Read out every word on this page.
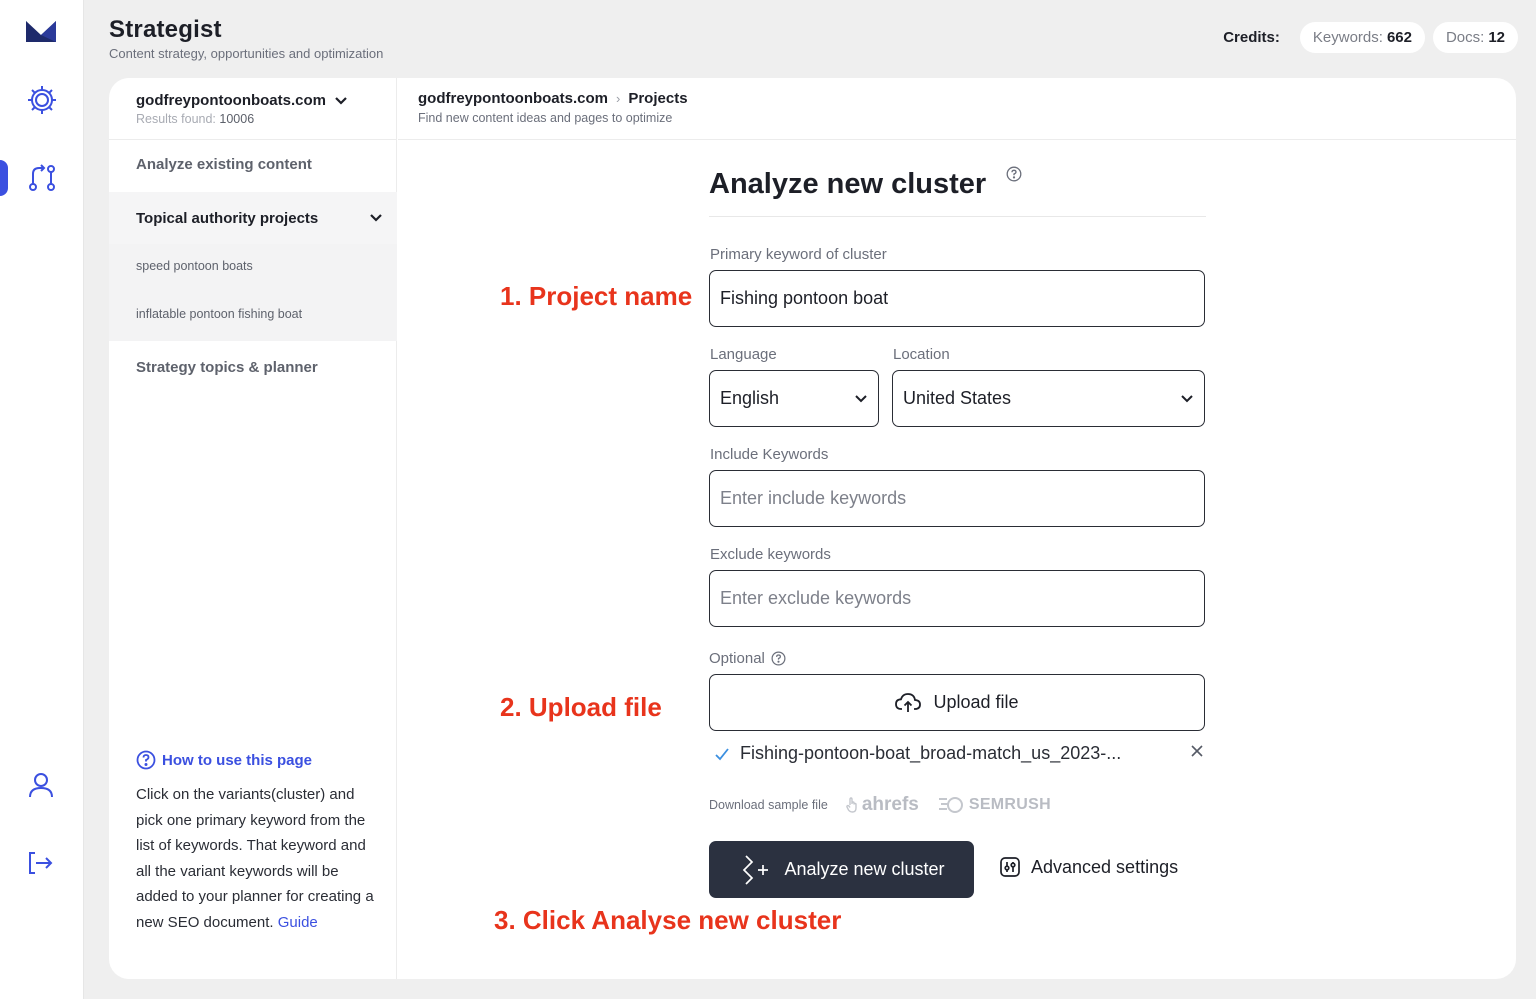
Strategist
Content strategy, opportunities and optimization
Credits:	Keywords: 662	Docs: 12
godfreypontoonboats.com
Results found: 10006
Analyze existing content
Topical authority projects
speed pontoon boats
inflatable pontoon fishing boat
Strategy topics & planner
How to use this page

Click on the variants(cluster) and pick one primary keyword from the list of keywords. That keyword and all the variant keywords will be added to your planner for creating a new SEO document. Guide

godfreypontoonboats.com › Projects
Find new content ideas and pages to optimize
Analyze new cluster
Primary keyword of cluster
Fishing pontoon boat
Language	Location
English	United States
Include Keywords
Enter include keywords
Exclude keywords
Enter exclude keywords
Optional
Upload file
Fishing-pontoon-boat_broad-match_us_2023-...
Download sample file ahrefs	SEMRUSH
Analyze new cluster	Advanced settings
1. Project name
2. Upload file
3. Click Analyse new cluster
